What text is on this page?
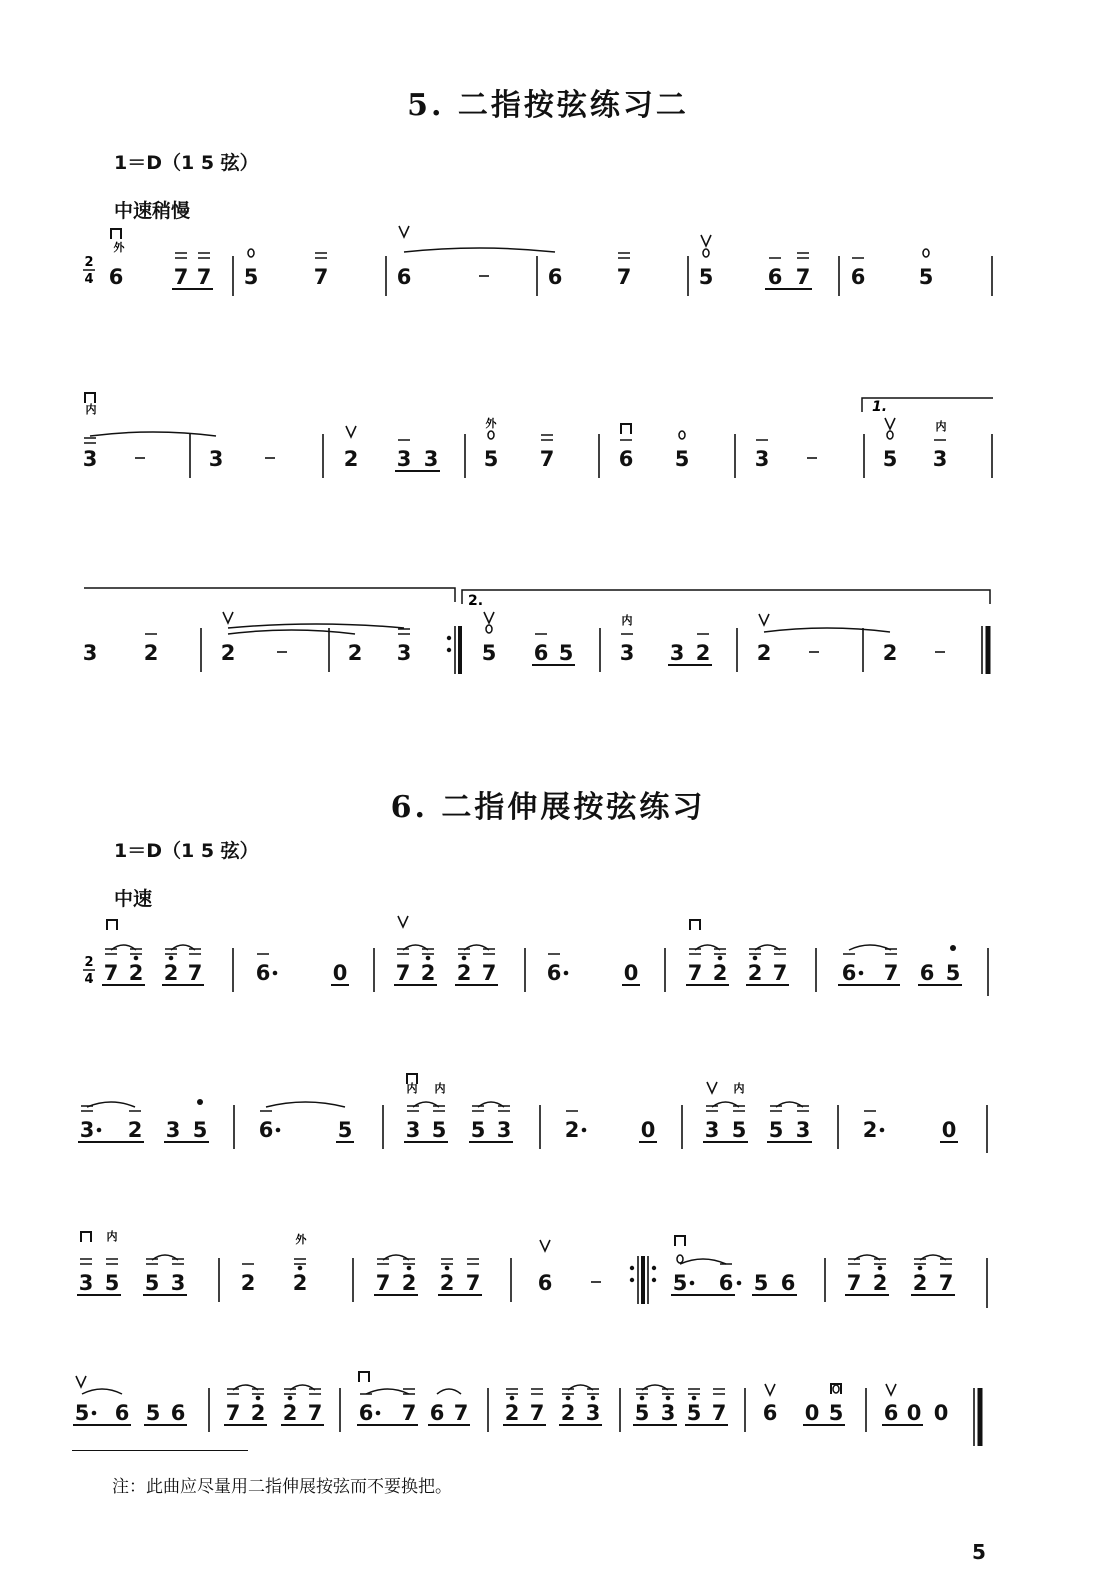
5. 二指按弦练习二
1＝D（1 5 弦）
中速稍慢
6. 二指伸展按弦练习
1＝D（1 5 弦）
中速
6 7 7 5	7	6	6	7	5	6 7 6	5
3	3	2 3 3 5 7	6 5	3	5 3
3 2	2	2 3	5 6 5 3 3 2 2	2
7 2 2 7	6	0 7 2 2 7 6	0 7 2 2 7	6 7 6 5
3 2 3 5 6	5	3 5 5 3	2	0 3 5 5 3 2	0
3 5 5 3	2 2	7 2 2 7	6	5 6 5 6 7 2 2 7
5 6 5 6 7 2 2 7 6 7 6 7 2 7 2 3 5 3 5 7 6 0 5 6 0 0
2
4
2
4
1.
2.
外
内
外	内
内
内 内	内
内	外
注：此曲应尽量用二指伸展按弦而不要换把。
5
